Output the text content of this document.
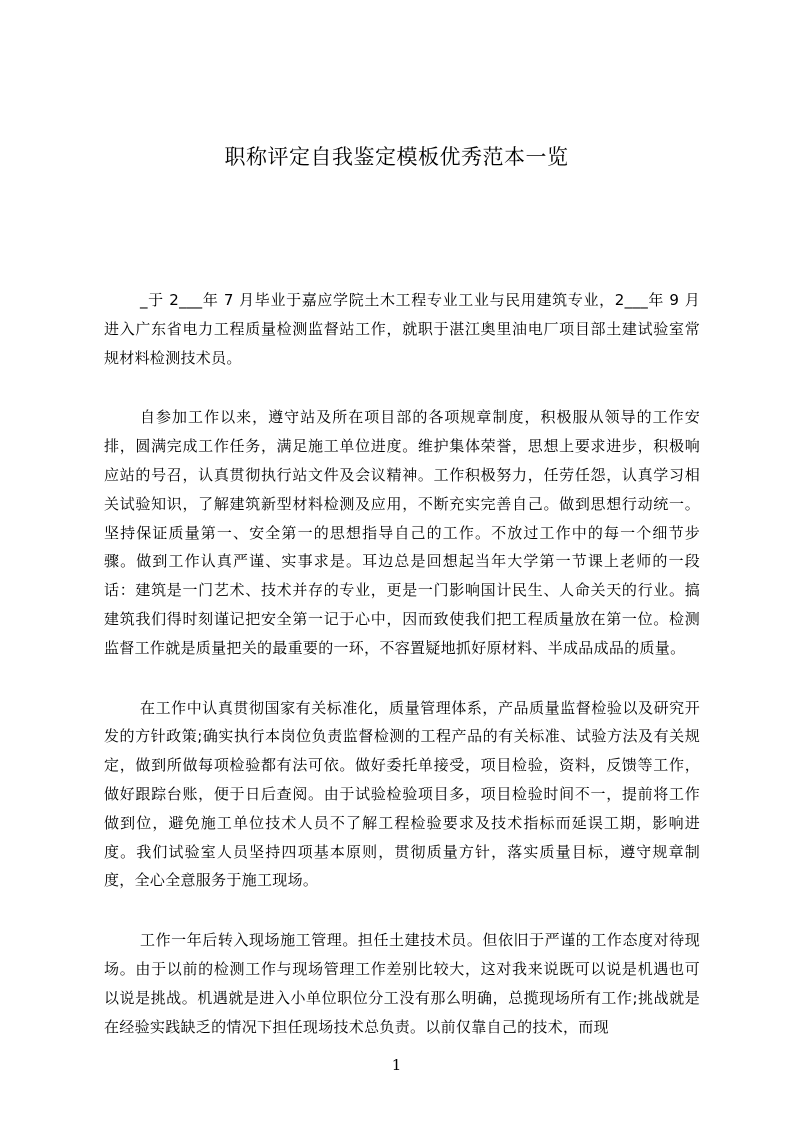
职称评定自我鉴定模板优秀范本一览

_于 2___年 7 月毕业于嘉应学院土木工程专业工业与民用建筑专业，2___年 9 月进入广东省电力工程质量检测监督站工作，就职于湛江奥里油电厂项目部土建试验室常规材料检测技术员。

自参加工作以来，遵守站及所在项目部的各项规章制度，积极服从领导的工作安排，圆满完成工作任务，满足施工单位进度。维护集体荣誉，思想上要求进步，积极响应站的号召，认真贯彻执行站文件及会议精神。工作积极努力，任劳任怨，认真学习相关试验知识，了解建筑新型材料检测及应用，不断充实完善自己。做到思想行动统一。坚持保证质量第一、安全第一的思想指导自己的工作。不放过工作中的每一个细节步骤。做到工作认真严谨、实事求是。耳边总是回想起当年大学第一节课上老师的一段话：建筑是一门艺术、技术并存的专业，更是一门影响国计民生、人命关天的行业。搞建筑我们得时刻谨记把安全第一记于心中，因而致使我们把工程质量放在第一位。检测监督工作就是质量把关的最重要的一环，不容置疑地抓好原材料、半成品成品的质量。

在工作中认真贯彻国家有关标准化，质量管理体系，产品质量监督检验以及研究开发的方针政策;确实执行本岗位负责监督检测的工程产品的有关标准、试验方法及有关规定，做到所做每项检验都有法可依。做好委托单接受，项目检验，资料，反馈等工作，做好跟踪台账，便于日后查阅。由于试验检验项目多，项目检验时间不一，提前将工作做到位，避免施工单位技术人员不了解工程检验要求及技术指标而延误工期，影响进度。我们试验室人员坚持四项基本原则，贯彻质量方针，落实质量目标，遵守规章制度，全心全意服务于施工现场。

工作一年后转入现场施工管理。担任土建技术员。但依旧于严谨的工作态度对待现场。由于以前的检测工作与现场管理工作差别比较大，这对我来说既可以说是机遇也可以说是挑战。机遇就是进入小单位职位分工没有那么明确，总揽现场所有工作;挑战就是在经验实践缺乏的情况下担任现场技术总负责。以前仅靠自己的技术，而现

1
